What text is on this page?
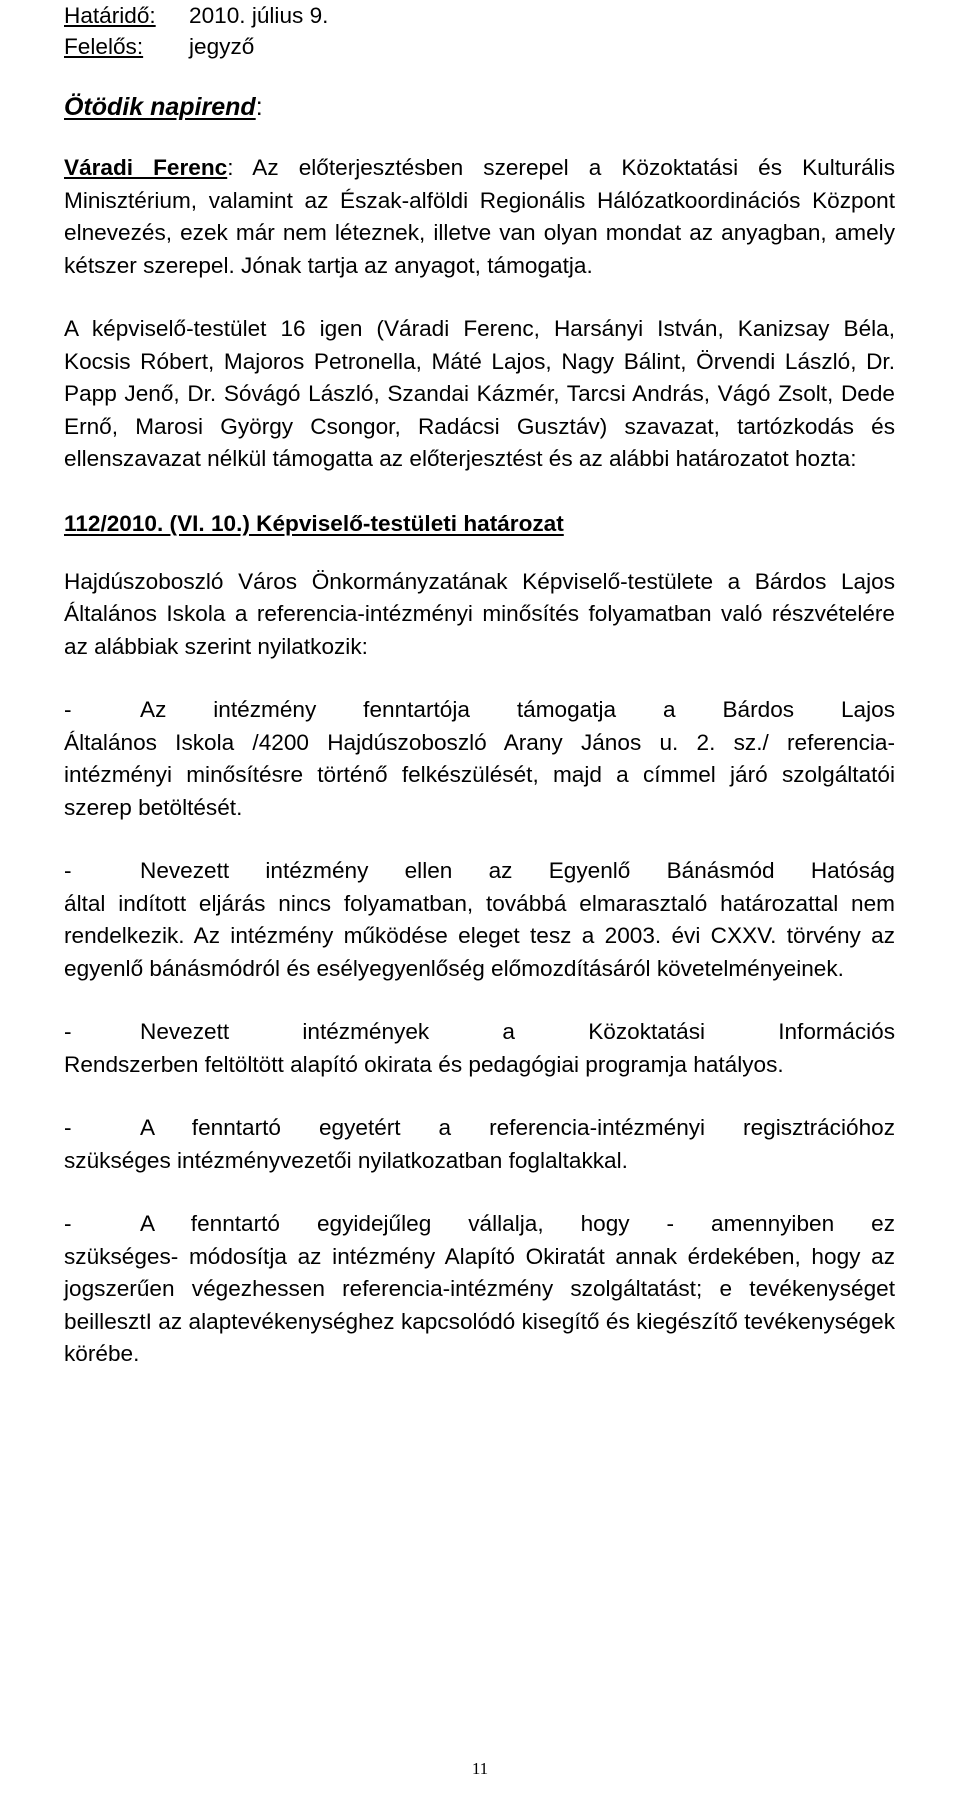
Határidő: 2010. július 9.
Felelős: jegyző
Ötödik napirend:

Váradi Ferenc: Az előterjesztésben szerepel a Közoktatási és Kulturális Minisztérium, valamint az Észak-alföldi Regionális Hálózatkoordinációs Központ elnevezés, ezek már nem léteznek, illetve van olyan mondat az anyagban, amely kétszer szerepel. Jónak tartja az anyagot, támogatja.

A képviselő-testület 16 igen (Váradi Ferenc, Harsányi István, Kanizsay Béla, Kocsis Róbert, Majoros Petronella, Máté Lajos, Nagy Bálint, Örvendi László, Dr. Papp Jenő, Dr. Sóvágó László, Szandai Kázmér, Tarcsi András, Vágó Zsolt, Dede Ernő, Marosi György Csongor, Radácsi Gusztáv) szavazat, tartózkodás és ellenszavazat nélkül támogatta az előterjesztést és az alábbi határozatot hozta:

112/2010. (VI. 10.) Képviselő-testületi határozat

Hajdúszoboszló Város Önkormányzatának Képviselő-testülete a Bárdos Lajos Általános Iskola a referencia-intézményi minősítés folyamatban való részvételére az alábbiak szerint nyilatkozik:

-	Az intézmény fenntartója támogatja a Bárdos Lajos
Általános Iskola /4200 Hajdúszoboszló Arany János u. 2. sz./ referencia-intézményi minősítésre történő felkészülését, majd a címmel járó szolgáltatói szerep betöltését.

-	Nevezett intézmény ellen az Egyenlő Bánásmód Hatóság
által indított eljárás nincs folyamatban, továbbá elmarasztaló határozattal nem rendelkezik. Az intézmény működése eleget tesz a 2003. évi CXXV. törvény az egyenlő bánásmódról és esélyegyenlőség előmozdításáról követelményeinek.

-	Nevezett intézmények a Közoktatási Információs
Rendszerben feltöltött alapító okirata és pedagógiai programja hatályos.

-	A fenntartó egyetért a referencia-intézményi regisztrációhoz
szükséges intézményvezetői nyilatkozatban foglaltakkal.

-	A fenntartó egyidejűleg vállalja, hogy - amennyiben ez
szükséges- módosítja az intézmény Alapító Okiratát annak érdekében, hogy az jogszerűen végezhessen referencia-intézmény szolgáltatást; e tevékenységet beillesztI az alaptevékenységhez kapcsolódó kisegítő és kiegészítő tevékenységek körébe.

11
